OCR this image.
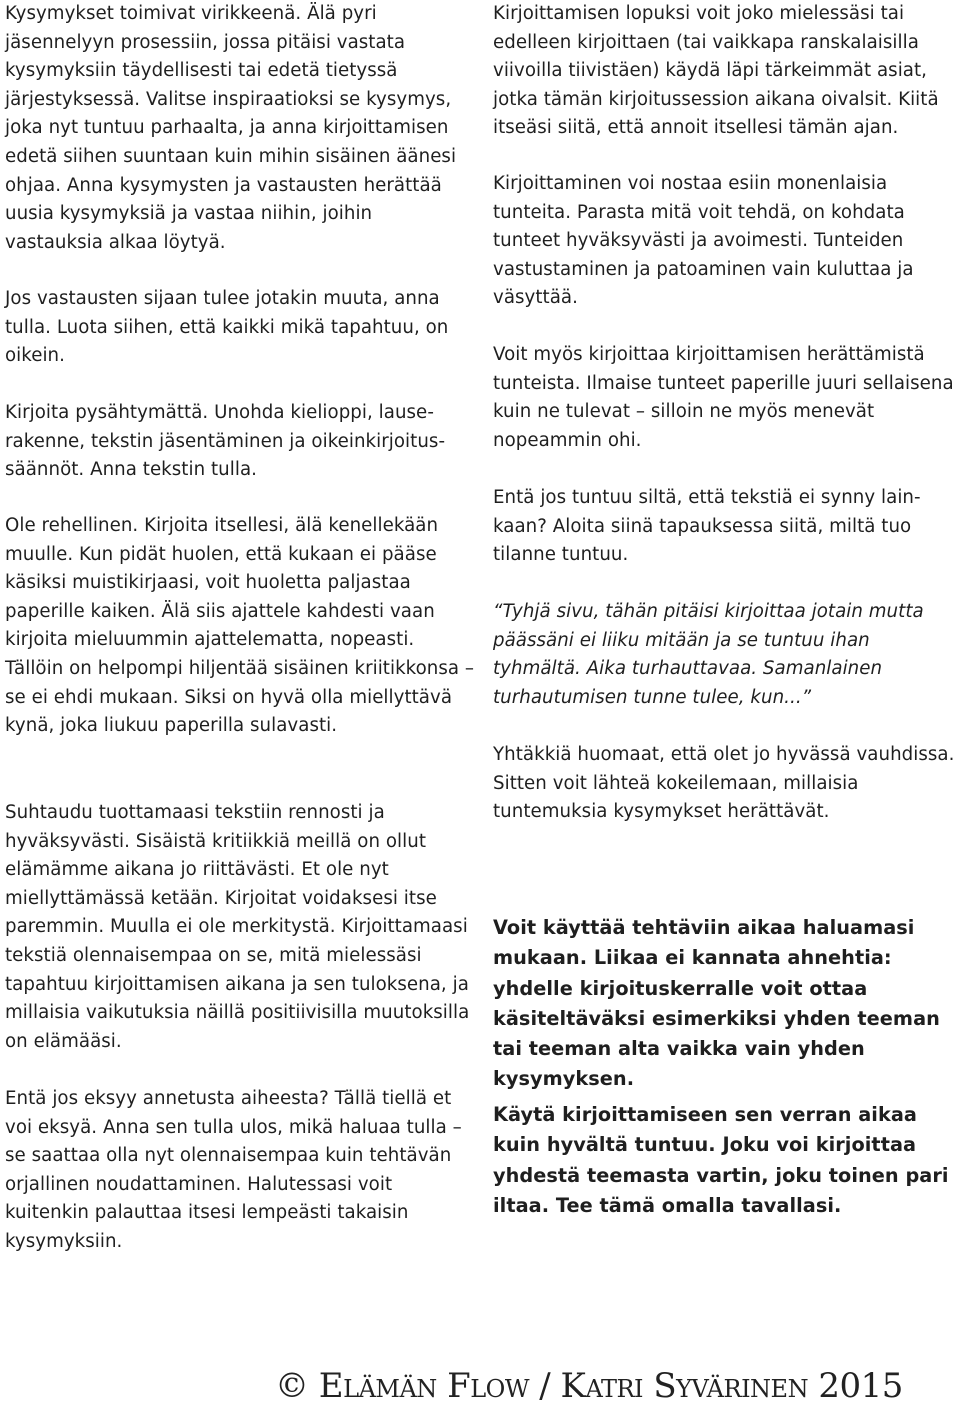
Kysymykset toimivat virikkeenä. Älä pyri jäsennelyyn prosessiin, jossa pitäisi vastata kysymyksiin täydellisesti tai edetä tietyssä järjestyksessä. Valitse inspiraatioksi se kysymys, joka nyt tuntuu parhaalta, ja anna kirjoittamisen edetä siihen suuntaan kuin mihin sisäinen äänesi ohjaa. Anna kysymysten ja vastausten herättää uusia kysymyksiä ja vastaa niihin, joihin vastauksia alkaa löytyä.

Jos vastausten sijaan tulee jotakin muuta, anna tulla. Luota siihen, että kaikki mikä tapahtuu, on oikein.

Kirjoita pysähtymättä. Unohda kielioppi, lauserakenne, tekstin jäsentäminen ja oikeinkirjoitussäännöt. Anna tekstin tulla.

Ole rehellinen. Kirjoita itsellesi, älä kenellekään muulle. Kun pidät huolen, että kukaan ei pääse käsiksi muistikirjaasi, voit huoletta paljastaa paperille kaiken. Älä siis ajattele kahdesti vaan kirjoita mieluummin ajattelematta, nopeasti. Tällöin on helpompi hiljentää sisäinen kriitikkonsa – se ei ehdi mukaan. Siksi on hyvä olla miellyttävä kynä, joka liukuu paperilla sulavasti.

Suhtaudu tuottamaasi tekstiin rennosti ja hyväksyvästi. Sisäistä kritiikkiä meillä on ollut elämämme aikana jo riittävästi. Et ole nyt miellyttämässä ketään. Kirjoitat voidaksesi itse paremmin. Muulla ei ole merkitystä. Kirjoittamaasi tekstiä olennaisempaa on se, mitä mielessäsi tapahtuu kirjoittamisen aikana ja sen tuloksena, ja millaisia vaikutuksia näillä positiivisilla muutoksilla on elämääsi.

Entä jos eksyy annetusta aiheesta? Tällä tiellä et voi eksyä. Anna sen tulla ulos, mikä haluaa tulla – se saattaa olla nyt olennaisempaa kuin tehtävän orjallinen noudattaminen. Halutessasi voit kuitenkin palauttaa itsesi lempeästi takaisin kysymyksiin.

Kirjoittamisen lopuksi voit joko mielessäsi tai edelleen kirjoittaen (tai vaikkapa ranskalaisilla viivoilla tiivistäen) käydä läpi tärkeimmät asiat, jotka tämän kirjoitussession aikana oivalsit. Kiitä itseäsi siitä, että annoit itsellesi tämän ajan.

Kirjoittaminen voi nostaa esiin monenlaisia tunteita. Parasta mitä voit tehdä, on kohdata tunteet hyväksyvästi ja avoimesti. Tunteiden vastustaminen ja patoaminen vain kuluttaa ja väsyttää.

Voit myös kirjoittaa kirjoittamisen herättämistä tunteista. Ilmaise tunteet paperille juuri sellaisena kuin ne tulevat – silloin ne myös menevät nopeammin ohi.

Entä jos tuntuu siltä, että tekstiä ei synny lainkaan? Aloita siinä tapauksessa siitä, miltä tuo tilanne tuntuu.

“Tyhjä sivu, tähän pitäisi kirjoittaa jotain mutta päässäni ei liiku mitään ja se tuntuu ihan tyhmältä. Aika turhauttavaa. Samanlainen turhautumisen tunne tulee, kun...”

Yhtäkkiä huomaat, että olet jo hyvässä vauhdissa. Sitten voit lähteä kokeilemaan, millaisia tuntemuksia kysymykset herättävät.

Voit käyttää tehtäviin aikaa haluamasi mukaan. Liikaa ei kannata ahnehtia: yhdelle kirjoituskerralle voit ottaa käsiteltäväksi esimerkiksi yhden teeman tai teeman alta vaikka vain yhden kysymyksen.

Käytä kirjoittamiseen sen verran aikaa kuin hyvältä tuntuu. Joku voi kirjoittaa yhdestä teemasta vartin, joku toinen pari iltaa. Tee tämä omalla tavallasi.

© Elämän Flow / Katri Syvärinen 2015
